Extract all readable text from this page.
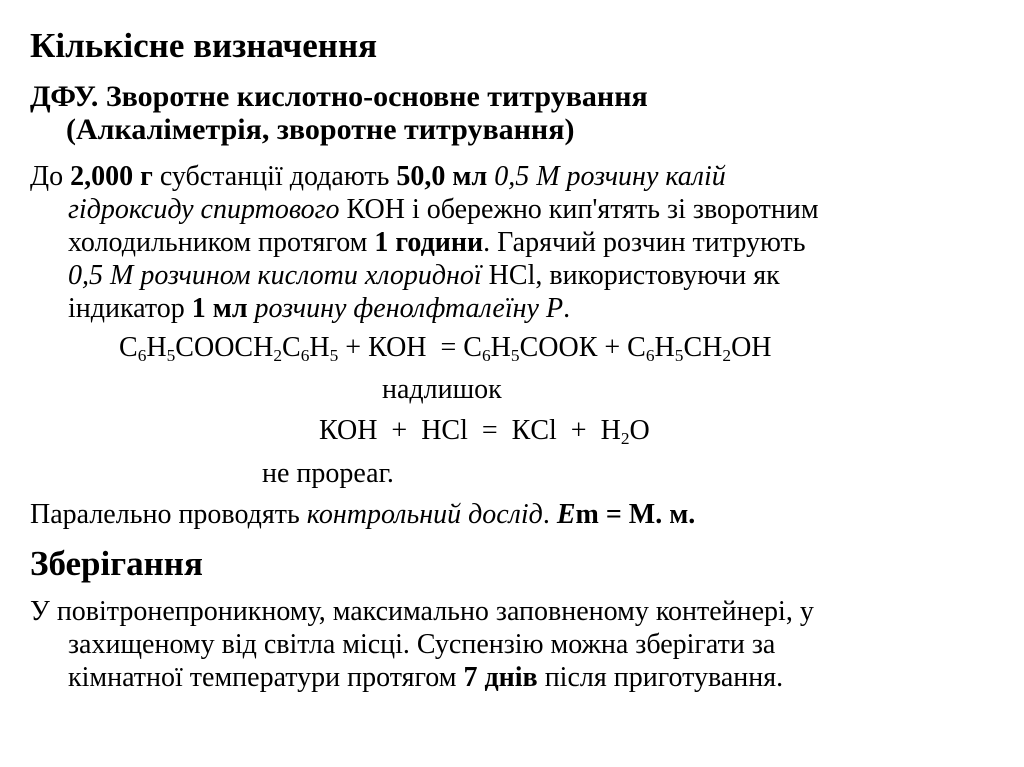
Кількісне визначення
ДФУ. Зворотне кислотно-основне титрування
(Алкаліметрія, зворотне титрування)
До 2,000 г субстанції додають 50,0 мл 0,5 М розчину калій
гідроксиду спиртового КОН і обережно кип'ятять зі зворотним
холодильником протягом 1 години. Гарячий розчин титрують
0,5 М розчином кислоти хлоридної HCl, використовуючи як
індикатор 1 мл розчину фенолфталеїну Р.
$C_6H_5COOCH_2C_6H_5$ + КОН  = $C_6H_5COOК + C_6H_5CH_2OH$
надлишок
КОН  +  HCl  =  КCl  +  $H_2O$
не прореаг.
Паралельно проводять контрольний дослід. Еm = М. м.
Зберігання
У повітронепроникному, максимально заповненому контейнері, у
захищеному від світла місці. Суспензію можна зберігати за
кімнатної температури протягом 7 днів після приготування.
